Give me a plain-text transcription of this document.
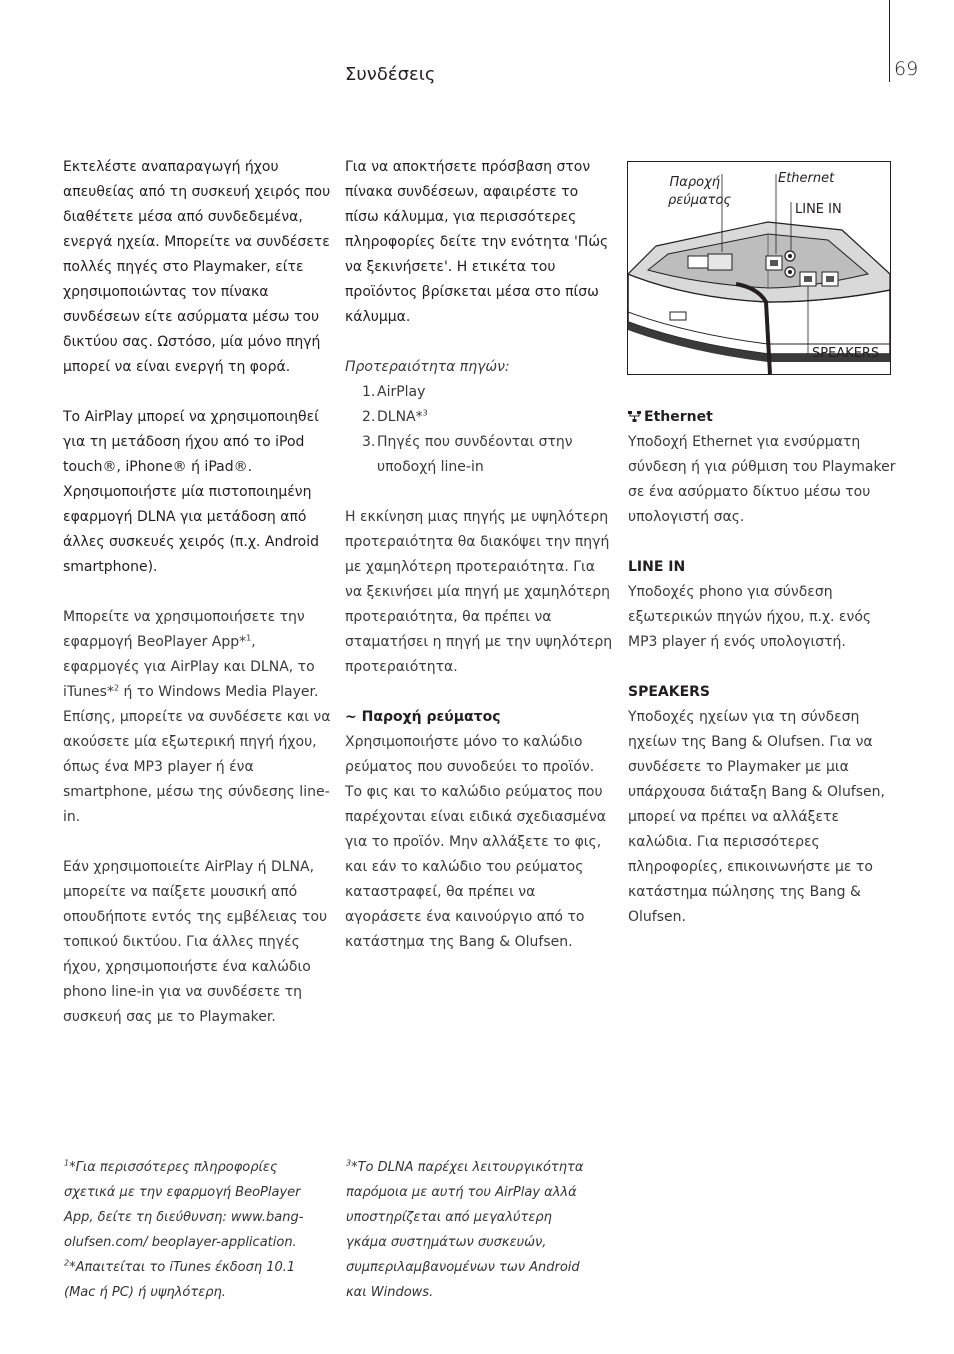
Συνδέσεις	69

Εκτελέστε αναπαραγωγή ήχου απευθείας από τη συσκευή χειρός που διαθέτετε μέσα από συνδεδεμένα, ενεργά ηχεία. Μπορείτε να συνδέσετε πολλές πηγές στο Playmaker, είτε χρησιμοποιώντας τον πίνακα συνδέσεων είτε ασύρματα μέσω του δικτύου σας. Ωστόσο, μία μόνο πηγή μπορεί να είναι ενεργή τη φορά.

Το AirPlay μπορεί να χρησιμοποιηθεί για τη μετάδοση ήχου από το iPod touch®, iPhone® ή iPad®. Χρησιμοποιήστε μία πιστοποιημένη εφαρμογή DLNA για μετάδοση από άλλες συσκευές χειρός (π.χ. Android smartphone).

Μπορείτε να χρησιμοποιήσετε την εφαρμογή BeoPlayer App*$^1$, εφαρμογές για AirPlay και DLNA, το iTunes*$^2$ ή το Windows Media Player. Επίσης, μπορείτε να συνδέσετε και να ακούσετε μία εξωτερική πηγή ήχου, όπως ένα MP3 player ή ένα smartphone, μέσω της σύνδεσης line-in.

Εάν χρησιμοποιείτε AirPlay ή DLNA, μπορείτε να παίξετε μουσική από οπουδήποτε εντός της εμβέλειας του τοπικού δικτύου. Για άλλες πηγές ήχου, χρησιμοποιήστε ένα καλώδιο phono line-in για να συνδέσετε τη συσκευή σας με το Playmaker.

Για να αποκτήσετε πρόσβαση στον πίνακα συνδέσεων, αφαιρέστε το πίσω κάλυμμα, για περισσότερες πληροφορίες δείτε την ενότητα 'Πώς να ξεκινήσετε'. Η ετικέτα του προϊόντος βρίσκεται μέσα στο πίσω κάλυμμα.

Προτεραιότητα πηγών:

1. AirPlay
2. DLNA*$^3$
3. Πηγές που συνδέονται στην υποδοχή line-in

Η εκκίνηση μιας πηγής με υψηλότερη προτεραιότητα θα διακόψει την πηγή με χαμηλότερη προτεραιότητα. Για να ξεκινήσει μία πηγή με χαμηλότερη προτεραιότητα, θα πρέπει να σταματήσει η πηγή με την υψηλότερη προτεραιότητα.

~ Παροχή ρεύματος

Χρησιμοποιήστε μόνο το καλώδιο ρεύματος που συνοδεύει το προϊόν. Το φις και το καλώδιο ρεύματος που παρέχονται είναι ειδικά σχεδιασμένα για το προϊόν. Μην αλλάξετε το φις, και εάν το καλώδιο του ρεύματος καταστραφεί, θα πρέπει να αγοράσετε ένα καινούργιο από το κατάστημα της Bang & Olufsen.

Παροχή
ρεύματος
Ethernet
LINE IN
SPEAKERS

Ethernet

Υποδοχή Ethernet για ενσύρματη σύνδεση ή για ρύθμιση του Playmaker σε ένα ασύρματο δίκτυο μέσω του υπολογιστή σας.

LINE IN

Υποδοχές phono για σύνδεση εξωτερικών πηγών ήχου, π.χ. ενός MP3 player ή ενός υπολογιστή.

SPEAKERS

Υποδοχές ηχείων για τη σύνδεση ηχείων της Bang & Olufsen. Για να συνδέσετε το Playmaker με μια υπάρχουσα διάταξη Bang & Olufsen, μπορεί να πρέπει να αλλάξετε καλώδια. Για περισσότερες πληροφορίες, επικοινωνήστε με το κατάστημα πώλησης της Bang & Olufsen.

$^1$*Για περισσότερες πληροφορίες σχετικά με την εφαρμογή BeoPlayer App, δείτε τη διεύθυνση: www.bang-olufsen.com/ beoplayer-application.

$^2$*Απαιτείται το iTunes έκδοση 10.1 (Mac ή PC) ή υψηλότερη.

$^3$*Το DLNA παρέχει λειτουργικότητα παρόμοια με αυτή του AirPlay αλλά υποστηρίζεται από μεγαλύτερη γκάμα συστημάτων συσκευών, συμπεριλαμβανομένων των Android και Windows.
